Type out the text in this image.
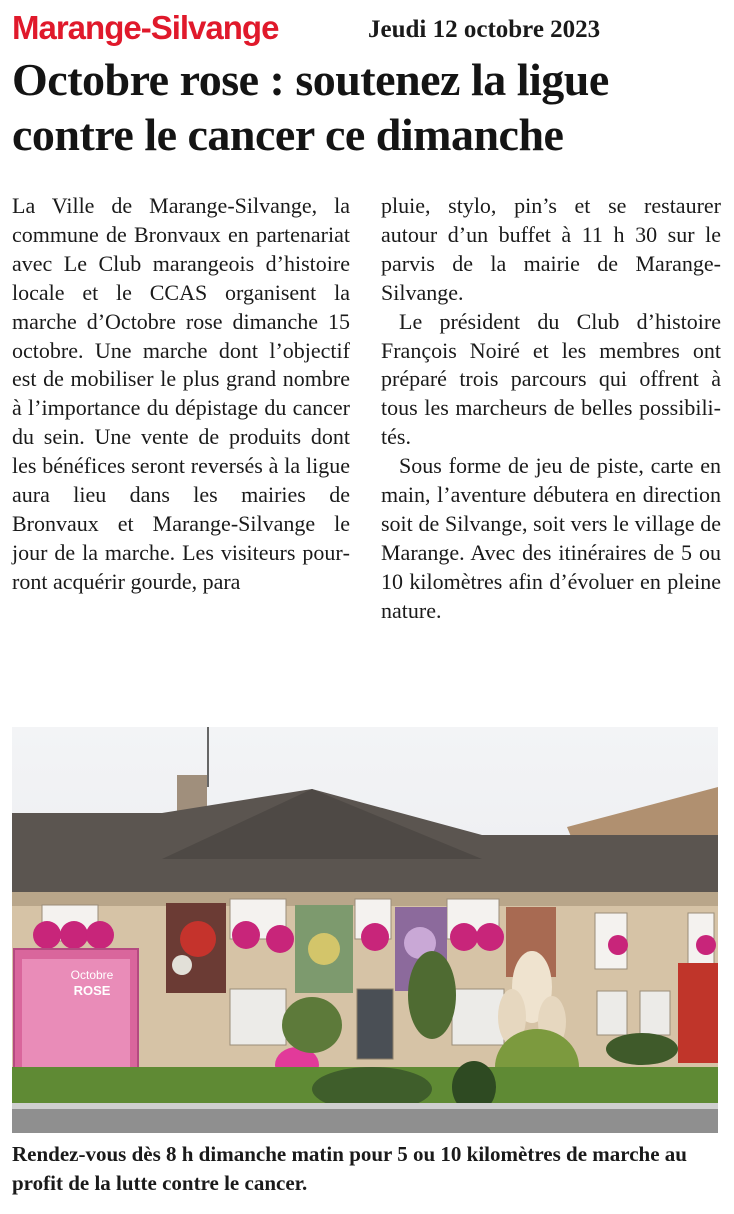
Marange-Silvange	Jeudi 12 octobre 2023
Octobre rose : soutenez la ligue contre le cancer ce dimanche

La Ville de Marange-Silvange, la commune de Bronvaux en partenariat avec Le Club marangeois d’histoire locale et le CCAS organisent la marche d’Octobre rose dimanche 15 octobre. Une marche dont l’objectif est de mobiliser le plus grand nombre à l’importance du dépistage du cancer du sein. Une vente de produits dont les bénéfices seront reversés à la ligue aura lieu dans les mairies de Bronvaux et Marange-Silvange le jour de la marche. Les visiteurs pourront acquérir gourde, para

pluie, stylo, pin’s et se restaurer autour d’un buffet à 11 h 30 sur le parvis de la mairie de Marange-Silvange.

Le président du Club d’histoire François Noiré et les membres ont préparé trois parcours qui offrent à tous les marcheurs de belles possibilités.

Sous forme de jeu de piste, carte en main, l’aventure débutera en direction soit de Silvange, soit vers le village de Marange. Avec des itinéraires de 5 ou 10 kilomètres afin d’évoluer en pleine nature.

Octobre
ROSE

Rendez-vous dès 8 h dimanche matin pour 5 ou 10 kilomètres de marche au profit de la lutte contre le cancer.
